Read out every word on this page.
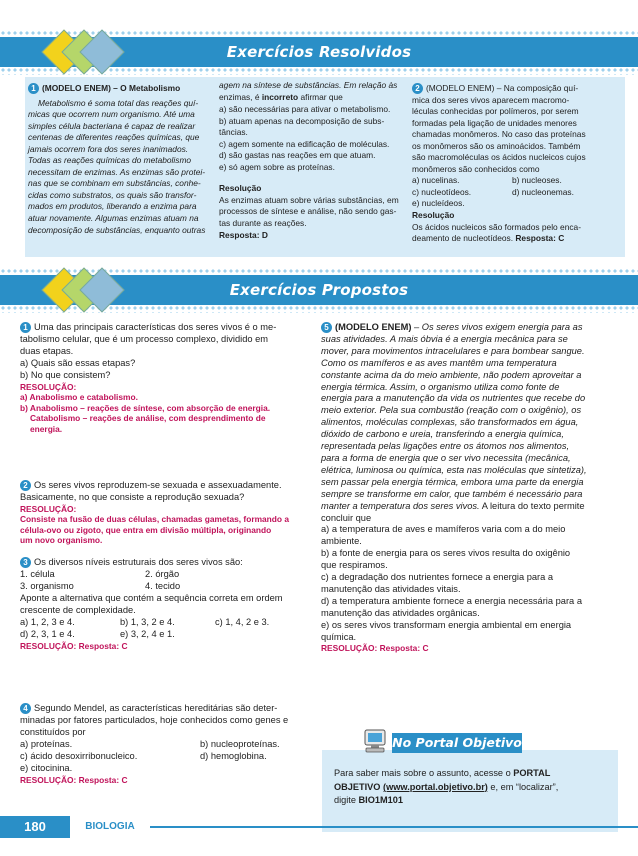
Exercícios Resolvidos
1 (MODELO ENEM) – O Metabolismo
Metabolismo é soma total das reações quí-
micas que ocorrem num organismo. Até uma
simples célula bacteriana é capaz de realizar
centenas de diferentes reações químicas, que
jamais ocorrem fora dos seres inanimados.
Todas as reações químicas do metabolismo
necessitam de enzimas. As enzimas são protei-
nas que se combinam em substâncias, conhe-
cidas como substratos, os quais são transfor-
mados em produtos, liberando a enzima para
atuar novamente. Algumas enzimas atuam na
decomposição de substâncias, enquanto outras
agem na síntese de substâncias. Em relação às
enzimas, é incorreto afirmar que
a) são necessárias para ativar o metabolismo.
b) atuam apenas na decomposição de subs-
tâncias.
c) agem somente na edificação de moléculas.
d) são gastas nas reações em que atuam.
e) só agem sobre as proteínas.
Resolução
As enzimas atuam sobre várias substâncias, em
processos de síntese e análise, não sendo gas-
tas durante as reações.
Resposta: D
2 (MODELO ENEM) – Na composição quí-
mica dos seres vivos aparecem macromo-
léculas conhecidas por polímeros, por serem
formadas pela ligação de unidades menores
chamadas monômeros. No caso das proteínas
os monômeros são os aminoácidos. Também
são macromoléculas os ácidos nucleicos cujos
monômeros são conhecidos como
a) nucelinas.
c) nucleotídeos.
e) nucleídeos.
b) nucleoses.
d) nucleonemas.
Resolução
Os ácidos nucleicos são formados pelo enca-
deamento de nucleotídeos. Resposta: C
Exercícios Propostos
1 Uma das principais características dos seres vivos é o me-
tabolismo celular, que é um processo complexo, dividido em
duas etapas.
a) Quais são essas etapas?
b) No que consistem?
RESOLUÇÃO:
a) Anabolismo e catabolismo.
b) Anabolismo – reações de síntese, com absorção de energia.
Catabolismo – reações de análise, com desprendimento de
energia.
2 Os seres vivos reproduzem-se sexuada e assexuadamente.
Basicamente, no que consiste a reprodução sexuada?
RESOLUÇÃO:
Consiste na fusão de duas células, chamadas gametas, formando a
célula-ovo ou zigoto, que entra em divisão múltipla, originando
um novo organismo.
3 Os diversos níveis estruturais dos seres vivos são:
1. célula
3. organismo
2. órgão
4. tecido
Aponte a alternativa que contém a sequência correta em ordem
crescente de complexidade.
a) 1, 2, 3 e 4.
d) 2, 3, 1 e 4.
b) 1, 3, 2 e 4.
e) 3, 2, 4 e 1.
c) 1, 4, 2 e 3.
RESOLUÇÃO: Resposta: C
4 Segundo Mendel, as características hereditárias são deter-
minadas por fatores particulados, hoje conhecidos como genes e
constituídos por
a) proteínas.
c) ácido desoxirribonucleico.
e) citocinina.
b) nucleoproteínas.
d) hemoglobina.
RESOLUÇÃO: Resposta: C
5 (MODELO ENEM) – Os seres vivos exigem energia para as
suas atividades. A mais óbvia é a energia mecânica para se
mover, para movimentos intracelulares e para bombear sangue.
Como os mamíferos e as aves mantêm uma temperatura
constante acima da do meio ambiente, não podem aproveitar a
energia térmica. Assim, o organismo utiliza como fonte de
energia para a manutenção da vida os nutrientes que recebe do
meio exterior. Pela sua combustão (reação com o oxigênio), os
alimentos, moléculas complexas, são transformados em água,
dióxido de carbono e ureia, transferindo a energia química,
representada pelas ligações entre os átomos nos alimentos,
para a forma de energia que o ser vivo necessita (mecânica,
elétrica, luminosa ou química, esta nas moléculas que sintetiza),
sem passar pela energia térmica, embora uma parte da energia
sempre se transforme em calor, que também é necessário para
manter a temperatura dos seres vivos. A leitura do texto permite
concluir que
a) a temperatura de aves e mamíferos varia com a do meio
ambiente.
b) a fonte de energia para os seres vivos resulta do oxigênio
que respiramos.
c) a degradação dos nutrientes fornece a energia para a
manutenção das atividades vitais.
d) a temperatura ambiente fornece a energia necessária para a
manutenção das atividades orgânicas.
e) os seres vivos transformam energia ambiental em energia
química.
RESOLUÇÃO: Resposta: C
Para saber mais sobre o assunto, acesse o PORTAL
OBJETIVO (www.portal.objetivo.br) e, em “localizar”,
digite BIO1M101
No Portal Objetivo
180	BIOLOGIA
